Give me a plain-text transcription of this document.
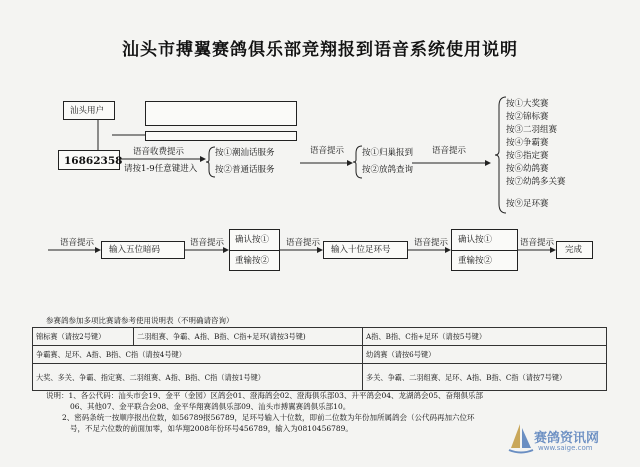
汕头市搏翼赛鸽俱乐部竞翔报到语音系统使用说明
汕头用户
16862358
语音收费提示
请按1-9任意键进入
按①潮汕话服务
按②普通话服务
语音提示 按①归巢报到
按②放鸽查询
语音提示
按①大奖赛
按②锦标赛
按③二羽组赛
按④争霸赛
按⑤指定赛
按⑥幼鸽赛
按⑦幼鸽多关赛
按⑨足环赛
语音提示
输入五位暗码
语音提示 确认按①
重输按②
语音提示
输入十位足环号
语音提示 确认按①
重输按②
语音提示
完成
参赛鸽参加多项比赛请参考使用说明表（不明确请咨询）
锦标赛（请按2号键）	二羽组赛、争霸、A指、B指、C指+足环(请按3号键)	A指、B指、C指+足环（请按5号键）
争霸赛、足环、A指、B指、C指（请按4号键）		幼鸽赛（请按6号键）
大奖、多关、争霸、指定赛、二羽组赛、A指、B指、C指（请按1号键）		多关、争霸、二羽组赛、足环、A指、B指、C指（请按7号键）
说明：1、各公代码：汕头市会19、金平（金园）区鸽会01、澄海鸽会02、澄海俱乐部03、升平鸽会04、龙湖鸽会05、奋翔俱乐部
06、其他07、金平联合会08、金平华翔赛鸽俱乐部09、汕头市搏翼赛鸽俱乐部10。
2、密码条统一按顺序报出位数，如56789报56789，足环号输入十位数，即前二位数为年份加所属鸽会（公代码再加六位环
号，不足六位数的前面加零，如华翔2008年份环号456789，输入为0810456789。
赛鸽资讯网
www.saige.com
